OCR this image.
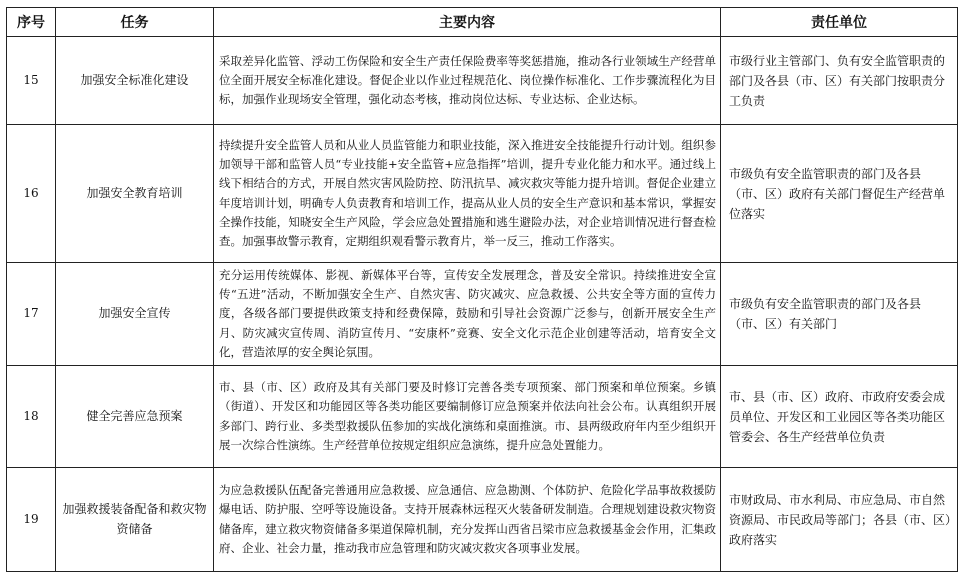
序号	任务	主要内容	责任单位
15	加强安全标准化建设	采取差异化监管、浮动工伤保险和安全生产责任保险费率等奖惩措施，推动各行业领域生产经营单位全面开展安全标准化建设。督促企业以作业过程规范化、岗位操作标准化、工作步骤流程化为目标，加强作业现场安全管理，强化动态考核，推动岗位达标、专业达标、企业达标。	市级行业主管部门、负有安全监管职责的部门及各县（市、区）有关部门按职责分工负责
16	加强安全教育培训	持续提升安全监管人员和从业人员监管能力和职业技能，深入推进安全技能提升行动计划。组织参加领导干部和监管人员“专业技能+安全监管+应急指挥”培训，提升专业化能力和水平。通过线上线下相结合的方式，开展自然灾害风险防控、防汛抗旱、减灾救灾等能力提升培训。督促企业建立年度培训计划，明确专人负责教育和培训工作，提高从业人员的安全生产意识和基本常识，掌握安全操作技能，知晓安全生产风险，学会应急处置措施和逃生避险办法，对企业培训情况进行督查检查。加强事故警示教育，定期组织观看警示教育片，举一反三，推动工作落实。	市级负有安全监管职责的部门及各县（市、区）政府有关部门督促生产经营单位落实
17	加强安全宣传	充分运用传统媒体、影视、新媒体平台等，宣传安全发展理念，普及安全常识。持续推进安全宣传“五进”活动，不断加强安全生产、自然灾害、防灾减灾、应急救援、公共安全等方面的宣传力度，各级各部门要提供政策支持和经费保障，鼓励和引导社会资源广泛参与，创新开展安全生产月、防灾减灾宣传周、消防宣传月、“安康杯”竞赛、安全文化示范企业创建等活动，培育安全文化，营造浓厚的安全舆论氛围。	市级负有安全监管职责的部门及各县（市、区）有关部门
18	健全完善应急预案	市、县（市、区）政府及其有关部门要及时修订完善各类专项预案、部门预案和单位预案。乡镇（街道）、开发区和功能园区等各类功能区要编制修订应急预案并依法向社会公布。认真组织开展多部门、跨行业、多类型救援队伍参加的实战化演练和桌面推演。市、县两级政府年内至少组织开展一次综合性演练。生产经营单位按规定组织应急演练，提升应急处置能力。	市、县（市、区）政府、市政府安委会成员单位、开发区和工业园区等各类功能区管委会、各生产经营单位负责
19	加强救援装备配备和救灾物资储备	为应急救援队伍配备完善通用应急救援、应急通信、应急勘测、个体防护、危险化学品事故救援防爆电话、防护服、空呼等设施设备。支持开展森林远程灭火装备研发制造。合理规划建设救灾物资储备库，建立救灾物资储备多渠道保障机制，充分发挥山西省吕梁市应急救援基金会作用，汇集政府、企业、社会力量，推动我市应急管理和防灾减灾救灾各项事业发展。	市财政局、市水利局、市应急局、市自然资源局、市民政局等部门；各县（市、区）政府落实
